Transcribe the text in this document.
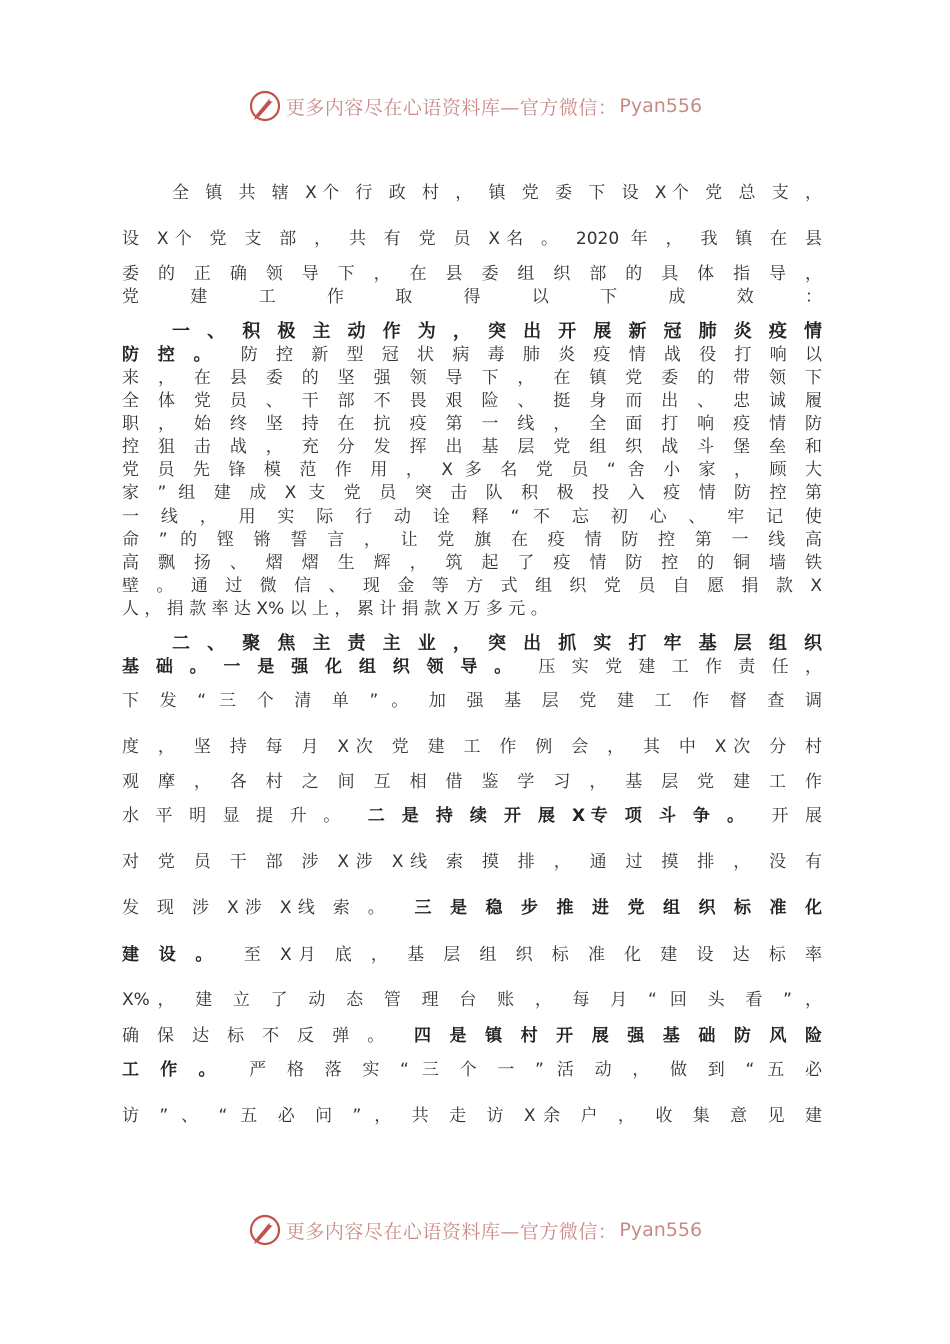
更多内容尽在心语资料库—官方微信： Pyan556
全 镇 共 辖 X个 行 政 村 ， 镇 党 委 下 设 X个 党 总 支 ，
设 X个 党 支 部 ， 共 有 党 员 X名 。 2020 年 ， 我 镇 在 县
委 的 正 确 领 导 下 ， 在 县 委 组 织 部 的 具 体 指 导 ，
党 建 工 作 取 得 以 下 成 效 ：
一 、 积 极 主 动 作 为 ， 突 出 开 展 新 冠 肺 炎 疫 情
防 控 。 防 控 新 型 冠 状 病 毒 肺 炎 疫 情 战 役 打 响 以
来 ， 在 县 委 的 坚 强 领 导 下 ， 在 镇 党 委 的 带 领 下
全 体 党 员 、 干 部 不 畏 艰 险 、 挺 身 而 出 、 忠 诚 履
职 ， 始 终 坚 持 在 抗 疫 第 一 线 ， 全 面 打 响 疫 情 防
控 狙 击 战 ， 充 分 发 挥 出 基 层 党 组 织 战 斗 堡 垒 和
党 员 先 锋 模 范 作 用 ， X 多 名 党 员 “ 舍 小 家 ， 顾 大
家 ” 组 建 成 X 支 党 员 突 击 队 积 极 投 入 疫 情 防 控 第
一 线 ， 用 实 际 行 动 诠 释 “ 不 忘 初 心 、 牢 记 使
命 ” 的 铿 锵 誓 言 ， 让 党 旗 在 疫 情 防 控 第 一 线 高
高 飘 扬 、 熠 熠 生 辉 ， 筑 起 了 疫 情 防 控 的 铜 墙 铁
壁 。 通 过 微 信 、 现 金 等 方 式 组 织 党 员 自 愿 捐 款 X
人 ， 捐 款 率 达 X% 以 上 ， 累 计 捐 款 X 万 多 元 。
二 、 聚 焦 主 责 主 业 ， 突 出 抓 实 打 牢 基 层 组 织
基 础 。 一 是 强 化 组 织 领 导 。 压 实 党 建 工 作 责 任 ，
下 发 “ 三 个 清 单 ” 。 加 强 基 层 党 建 工 作 督 查 调
度 ， 坚 持 每 月 X次 党 建 工 作 例 会 ， 其 中 X次 分 村
观 摩 ， 各 村 之 间 互 相 借 鉴 学 习 ， 基 层 党 建 工 作
水 平 明 显 提 升 。 二 是 持 续 开 展 X专 项 斗 争 。 开 展
对 党 员 干 部 涉 X涉 X线 索 摸 排 ， 通 过 摸 排 ， 没 有
发 现 涉 X涉 X线 索 。 三 是 稳 步 推 进 党 组 织 标 准 化
建 设 。 至 X月 底 ， 基 层 组 织 标 准 化 建 设 达 标 率
X%， 建 立 了 动 态 管 理 台 账 ， 每 月 “ 回 头 看 ” ，
确 保 达 标 不 反 弹 。 四 是 镇 村 开 展 强 基 础 防 风 险
工 作 。 严 格 落 实 “ 三 个 一 ” 活 动 ， 做 到 “ 五 必
访 ” 、 “ 五 必 问 ” ， 共 走 访 X余 户 ， 收 集 意 见 建
更多内容尽在心语资料库—官方微信： Pyan556
